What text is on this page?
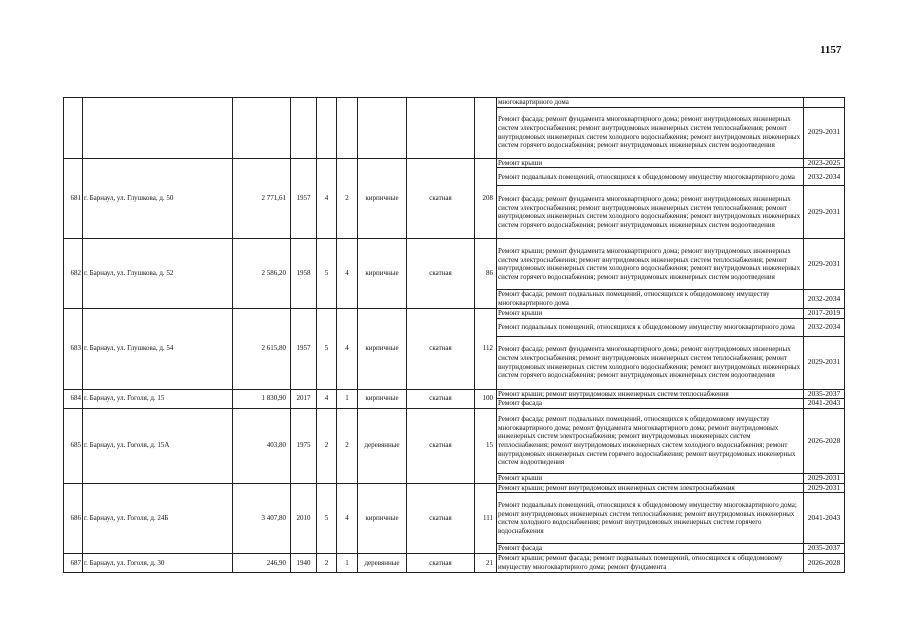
1157
									многоквартирного дома	
									Ремонт фасада; ремонт фундамента многоквартирного дома; ремонт внутридомовых инженерных систем электроснабжения; ремонт внутридомовых инженерных систем теплоснабжения; ремонт внутридомовых инженерных систем холодного водоснабжения; ремонт внутридомовых инженерных систем горячего водоснабжения; ремонт внутридомовых инженерных систем водоотведения	2029-2031
681	г. Барнаул, ул. Глушкова, д. 50	2 771,61	1957	4	2	кирпичные	скатная	208	Ремонт крыши	2023-2025
									Ремонт подвальных помещений, относящихся к общедомовому имуществу многоквартирного дома	2032-2034
									Ремонт фасада; ремонт фундамента многоквартирного дома; ремонт внутридомовых инженерных систем электроснабжения; ремонт внутридомовых инженерных систем теплоснабжения; ремонт внутридомовых инженерных систем холодного водоснабжения; ремонт внутридомовых инженерных систем горячего водоснабжения; ремонт внутридомовых инженерных систем водоотведения	2029-2031
682	г. Барнаул, ул. Глушкова, д. 52	2 586,20	1958	5	4	кирпичные	скатная	86	Ремонт крыши; ремонт фундамента многоквартирного дома; ремонт внутридомовых инженерных систем электроснабжения; ремонт внутридомовых инженерных систем теплоснабжения; ремонт внутридомовых инженерных систем холодного водоснабжения; ремонт внутридомовых инженерных систем горячего водоснабжения; ремонт внутридомовых инженерных систем водоотведения	2029-2031
									Ремонт фасада; ремонт подвальных помещений, относящихся к общедомовому имуществу многоквартирного дома	2032-2034
683	г. Барнаул, ул. Глушкова, д. 54	2 615,80	1957	5	4	кирпичные	скатная	112	Ремонт крыши	2017-2019
									Ремонт подвальных помещений, относящихся к общедомовому имуществу многоквартирного дома	2032-2034
									Ремонт фасада; ремонт фундамента многоквартирного дома; ремонт внутридомовых инженерных систем электроснабжения; ремонт внутридомовых инженерных систем теплоснабжения; ремонт внутридомовых инженерных систем холодного водоснабжения; ремонт внутридомовых инженерных систем горячего водоснабжения; ремонт внутридомовых инженерных систем водоотведения	2029-2031
684	г. Барнаул, ул. Гоголя, д. 15	1 830,90	2017	4	1	кирпичные	скатная	100	Ремонт крыши; ремонт внутридомовых инженерных систем теплоснабжения	2035-2037
									Ремонт фасада	2041-2043
685	г. Барнаул, ул. Гоголя, д. 15А	403,80	1975	2	2	деревянные	скатная	15	Ремонт фасада; ремонт подвальных помещений, относящихся к общедомовому имуществу многоквартирного дома; ремонт фундамента многоквартирного дома; ремонт внутридомовых инженерных систем электроснабжения; ремонт внутридомовых инженерных систем теплоснабжения; ремонт внутридомовых инженерных систем холодного водоснабжения; ремонт внутридомовых инженерных систем горячего водоснабжения; ремонт внутридомовых инженерных систем водоотведения	2026-2028
									Ремонт крыши	2029-2031
686	г. Барнаул, ул. Гоголя, д. 24Б	3 407,80	2010	5	4	кирпичные	скатная	111	Ремонт крыши; ремонт внутридомовых инженерных систем электроснабжения	2029-2031
									Ремонт подвальных помещений, относящихся к общедомовому имуществу многоквартирного дома; ремонт внутридомовых инженерных систем теплоснабжения; ремонт внутридомовых инженерных систем холодного водоснабжения; ремонт внутридомовых инженерных систем горячего водоснабжения	2041-2043
									Ремонт фасада	2035-2037
687	г. Барнаул, ул. Гоголя, д. 30	246,90	1940	2	1	деревянные	скатная	21	Ремонт крыши; ремонт фасада; ремонт подвальных помещений, относящихся к общедомовому имуществу многоквартирного дома; ремонт фундамента	2026-2028
